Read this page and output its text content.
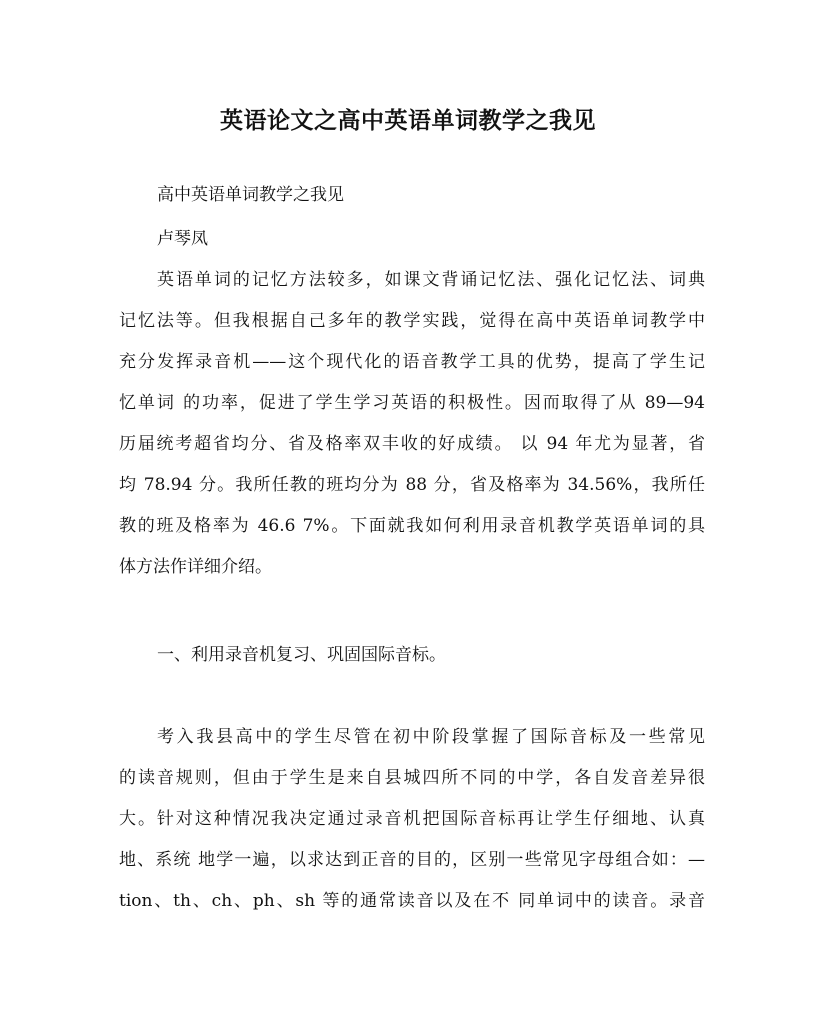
英语论文之高中英语单词教学之我见

高中英语单词教学之我见

卢琴凤

英语单词的记忆方法较多，如课文背诵记忆法、强化记忆法、词典

记忆法等。但我根据自己多年的教学实践，觉得在高中英语单词教学中

充分发挥录音机——这个现代化的语音教学工具的优势，提高了学生记

忆单词 的功率，促进了学生学习英语的积极性。因而取得了从 89—94

历届统考超省均分、省及格率双丰收的好成绩。 以 94 年尤为显著，省

均 78.94 分。我所任教的班均分为 88 分，省及格率为 34.56%，我所任

教的班及格率为 46.6 7%。下面就我如何利用录音机教学英语单词的具

体方法作详细介绍。

一、利用录音机复习、巩固国际音标。

考入我县高中的学生尽管在初中阶段掌握了国际音标及一些常见

的读音规则，但由于学生是来自县城四所不同的中学，各自发音差异很

大。针对这种情况我决定通过录音机把国际音标再让学生仔细地、认真

地、系统 地学一遍，以求达到正音的目的，区别一些常见字母组合如：—

tion、th、ch、ph、sh 等的通常读音以及在不 同单词中的读音。录音
